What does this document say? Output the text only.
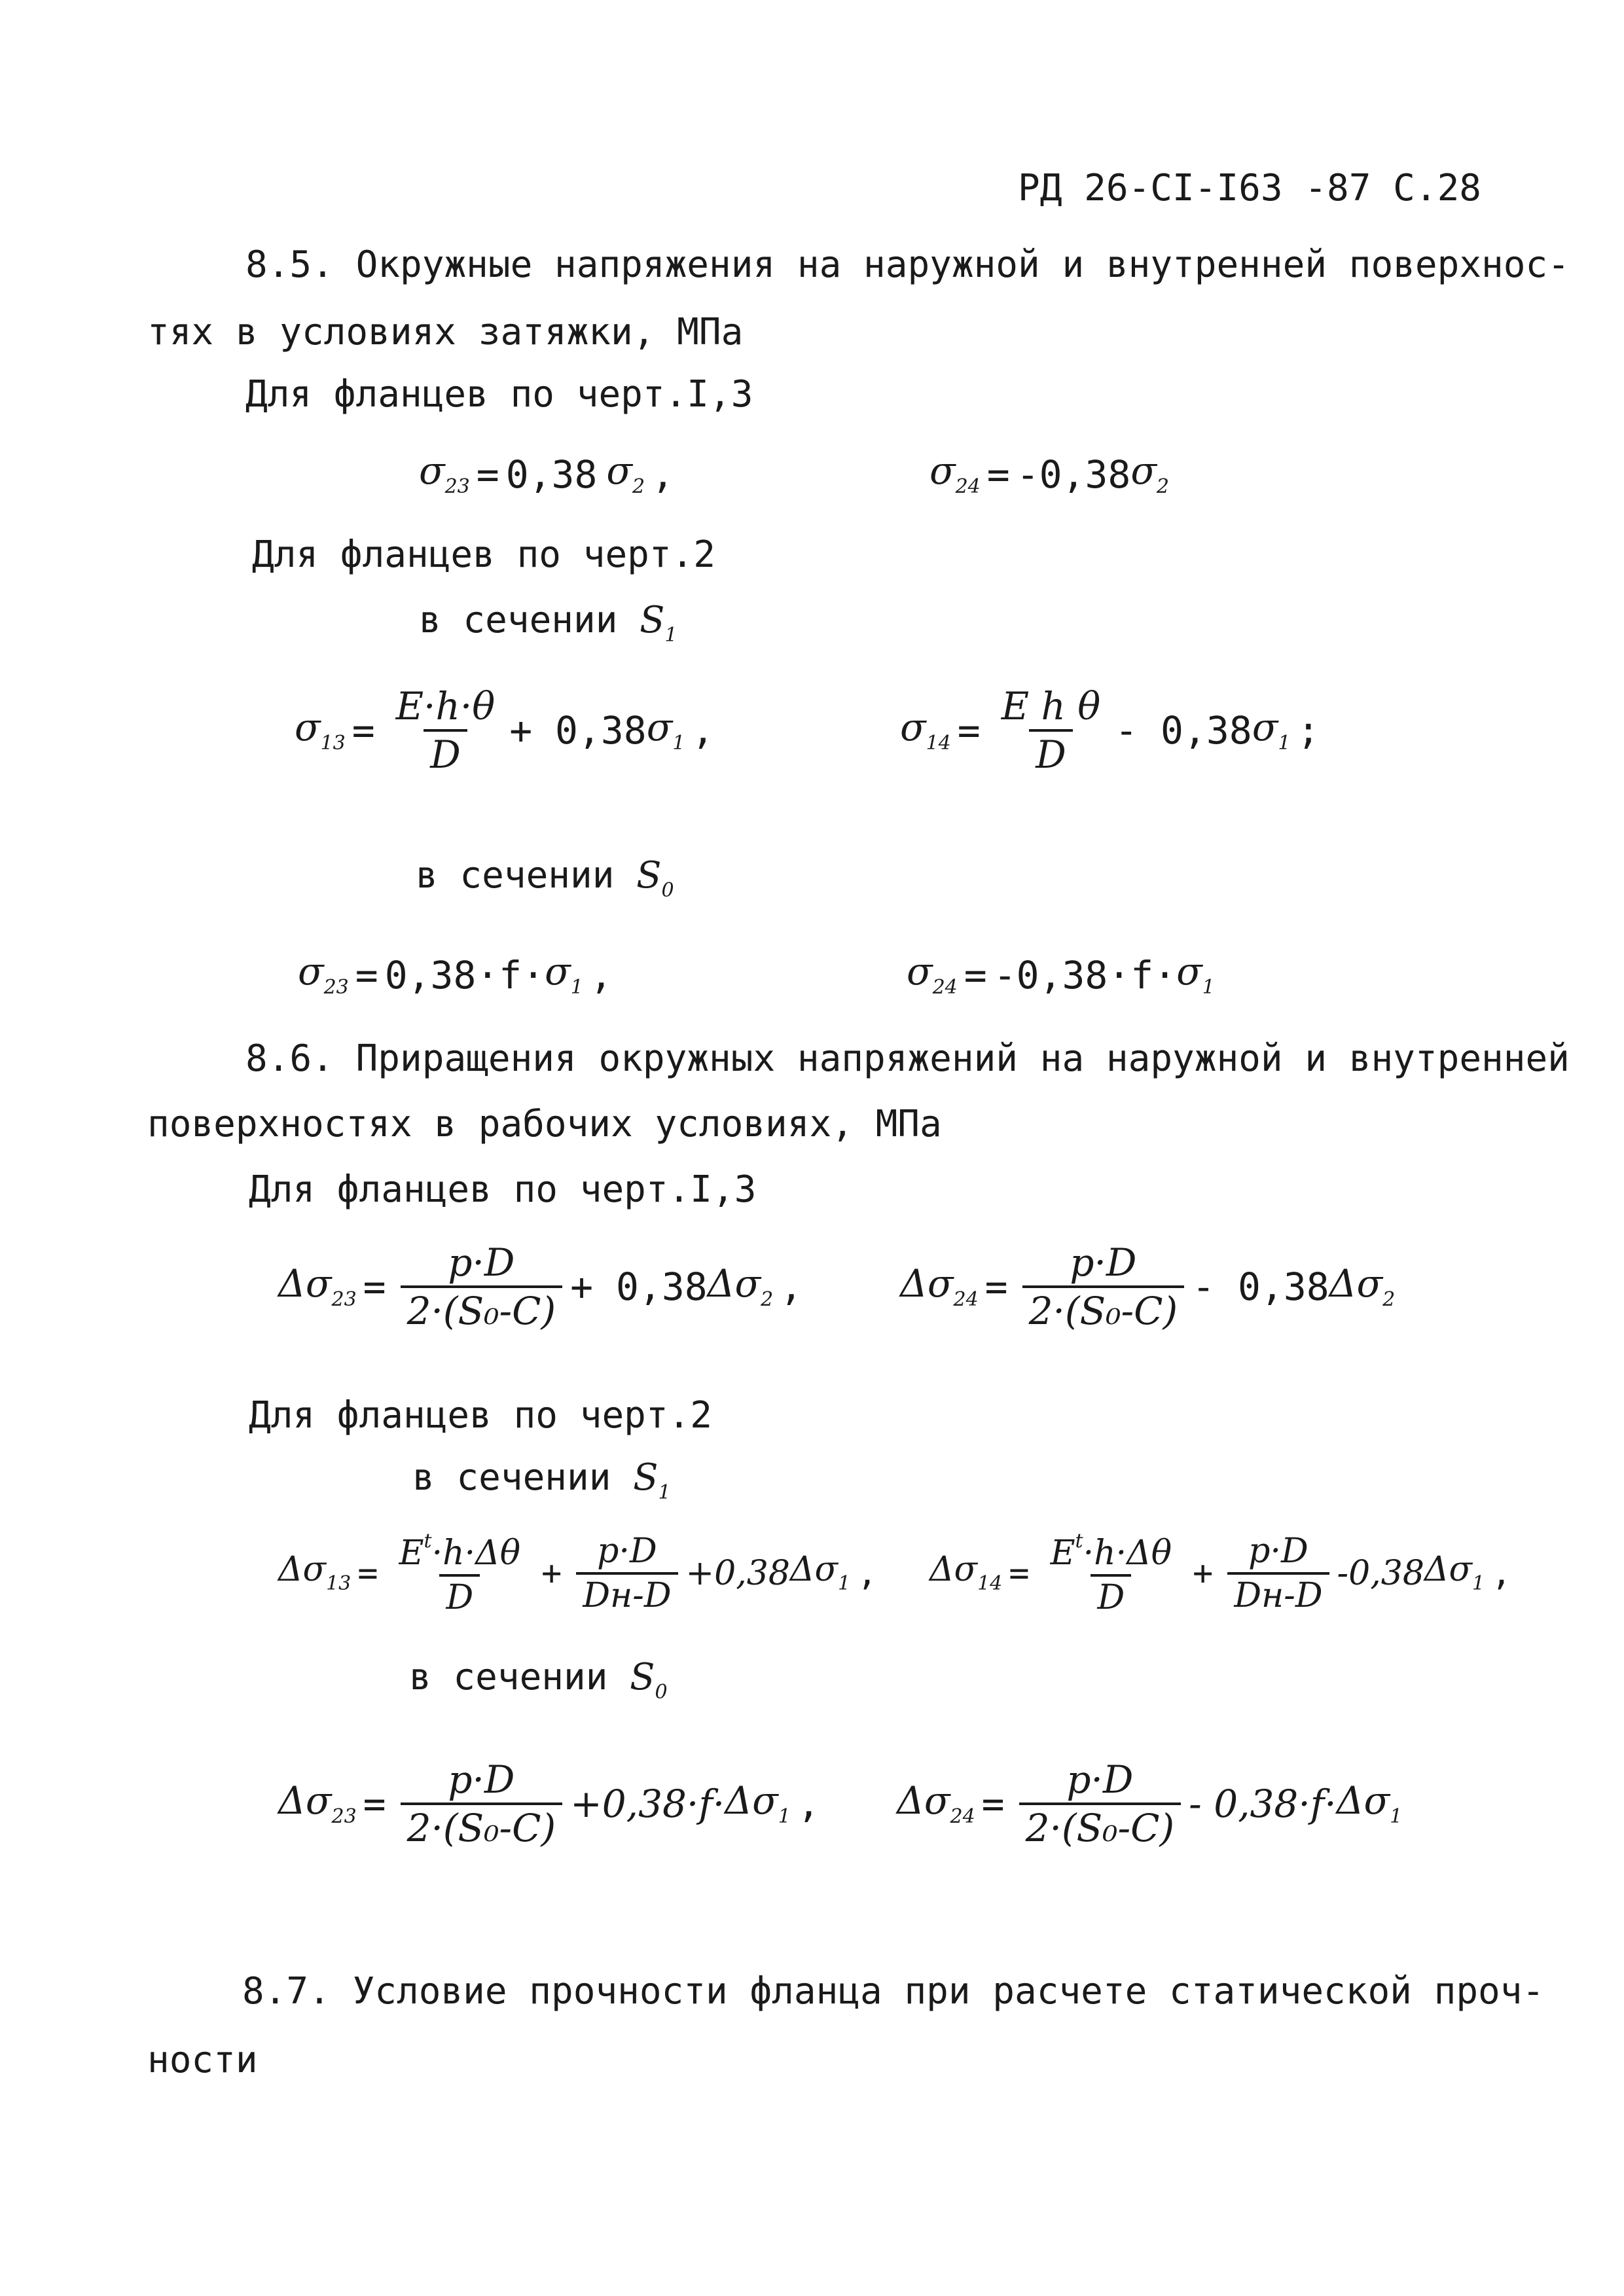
РД 26-СI-I63 -87 С.28
8.5. Окружные напряжения на наружной и внутренней поверхнос-
тях в условиях затяжки, МПа
Для фланцев по черт.I,3
$\sigma_{23} = 0,38$ $\sigma_2$ ,	$\sigma_{24} = -0,38$ $\sigma_2$
Для фланцев по черт.2
в сечении $S_1$
$\sigma_{13} = \frac{E\cdot h\cdot\theta}{D} + 0,38$ $\sigma_1$ ,	$\sigma_{14} = \frac{\text{E h θ}}{D} - 0,38$ $\sigma_1$ ;
в сечении $S_0$
$\sigma_{23} = 0,38\cdot f\cdot \sigma_1$ ,	$\sigma_{24} = -0,38\cdot f\cdot \sigma_1$
8.6. Приращения окружных напряжений на наружной и внутренней
поверхностях в рабочих условиях, МПа
Для фланцев по черт.I,3
$\Delta\sigma_{23} = \frac{p\cdot D}{\text{2·(S₀-C)}} + 0,38$ $\Delta\sigma_2$ ,	$\Delta\sigma_{24} = \frac{p\cdot D}{\text{2·(S₀-C)}} - 0,38$ $\Delta\sigma_2$
Для фланцев по черт.2
в сечении $S_1$
$\Delta\sigma_{13} = \frac{E^t\cdot h\cdot\Delta\theta}{D} + \frac{p\cdot D}{Dн-D} +0,38$ $\Delta\sigma_1$ , $\Delta\sigma_{14} = \frac{E^t\cdot h\cdot\Delta\theta}{D} + \frac{p\cdot D}{Dн-D} -0,38$ $\Delta\sigma_1$ ,
в сечении $S_0$
$\Delta\sigma_{23} = \frac{p\cdot D}{\text{2·(S₀-C)}} +0,38\cdot f\cdot \Delta\sigma_1$ , $\Delta\sigma_{24} = \frac{p\cdot D}{\text{2·(S₀-C)}} - 0,38\cdot f\cdot \Delta\sigma_1$
8.7. Условие прочности фланца при расчете статической проч-
ности
